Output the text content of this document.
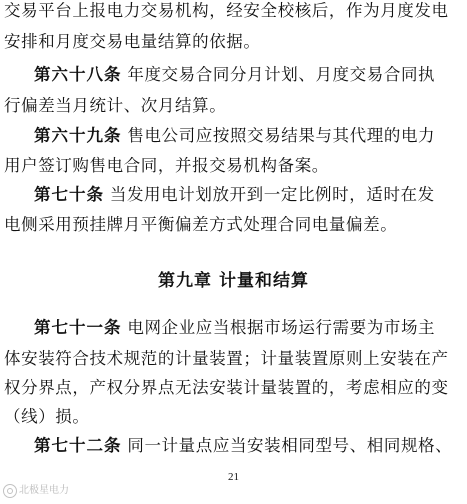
交易平台上报电力交易机构，经安全校核后，作为月度发电
安排和月度交易电量结算的依据。
第六十八条 年度交易合同分月计划、月度交易合同执
行偏差当月统计、次月结算。
第六十九条 售电公司应按照交易结果与其代理的电力
用户签订购售电合同，并报交易机构备案。
第七十条 当发用电计划放开到一定比例时，适时在发
电侧采用预挂牌月平衡偏差方式处理合同电量偏差。
第九章 计量和结算
第七十一条 电网企业应当根据市场运行需要为市场主
体安装符合技术规范的计量装置；计量装置原则上安装在产
权分界点，产权分界点无法安装计量装置的，考虑相应的变
（线）损。
第七十二条 同一计量点应当安装相同型号、相同规格、
21
北极星电力
